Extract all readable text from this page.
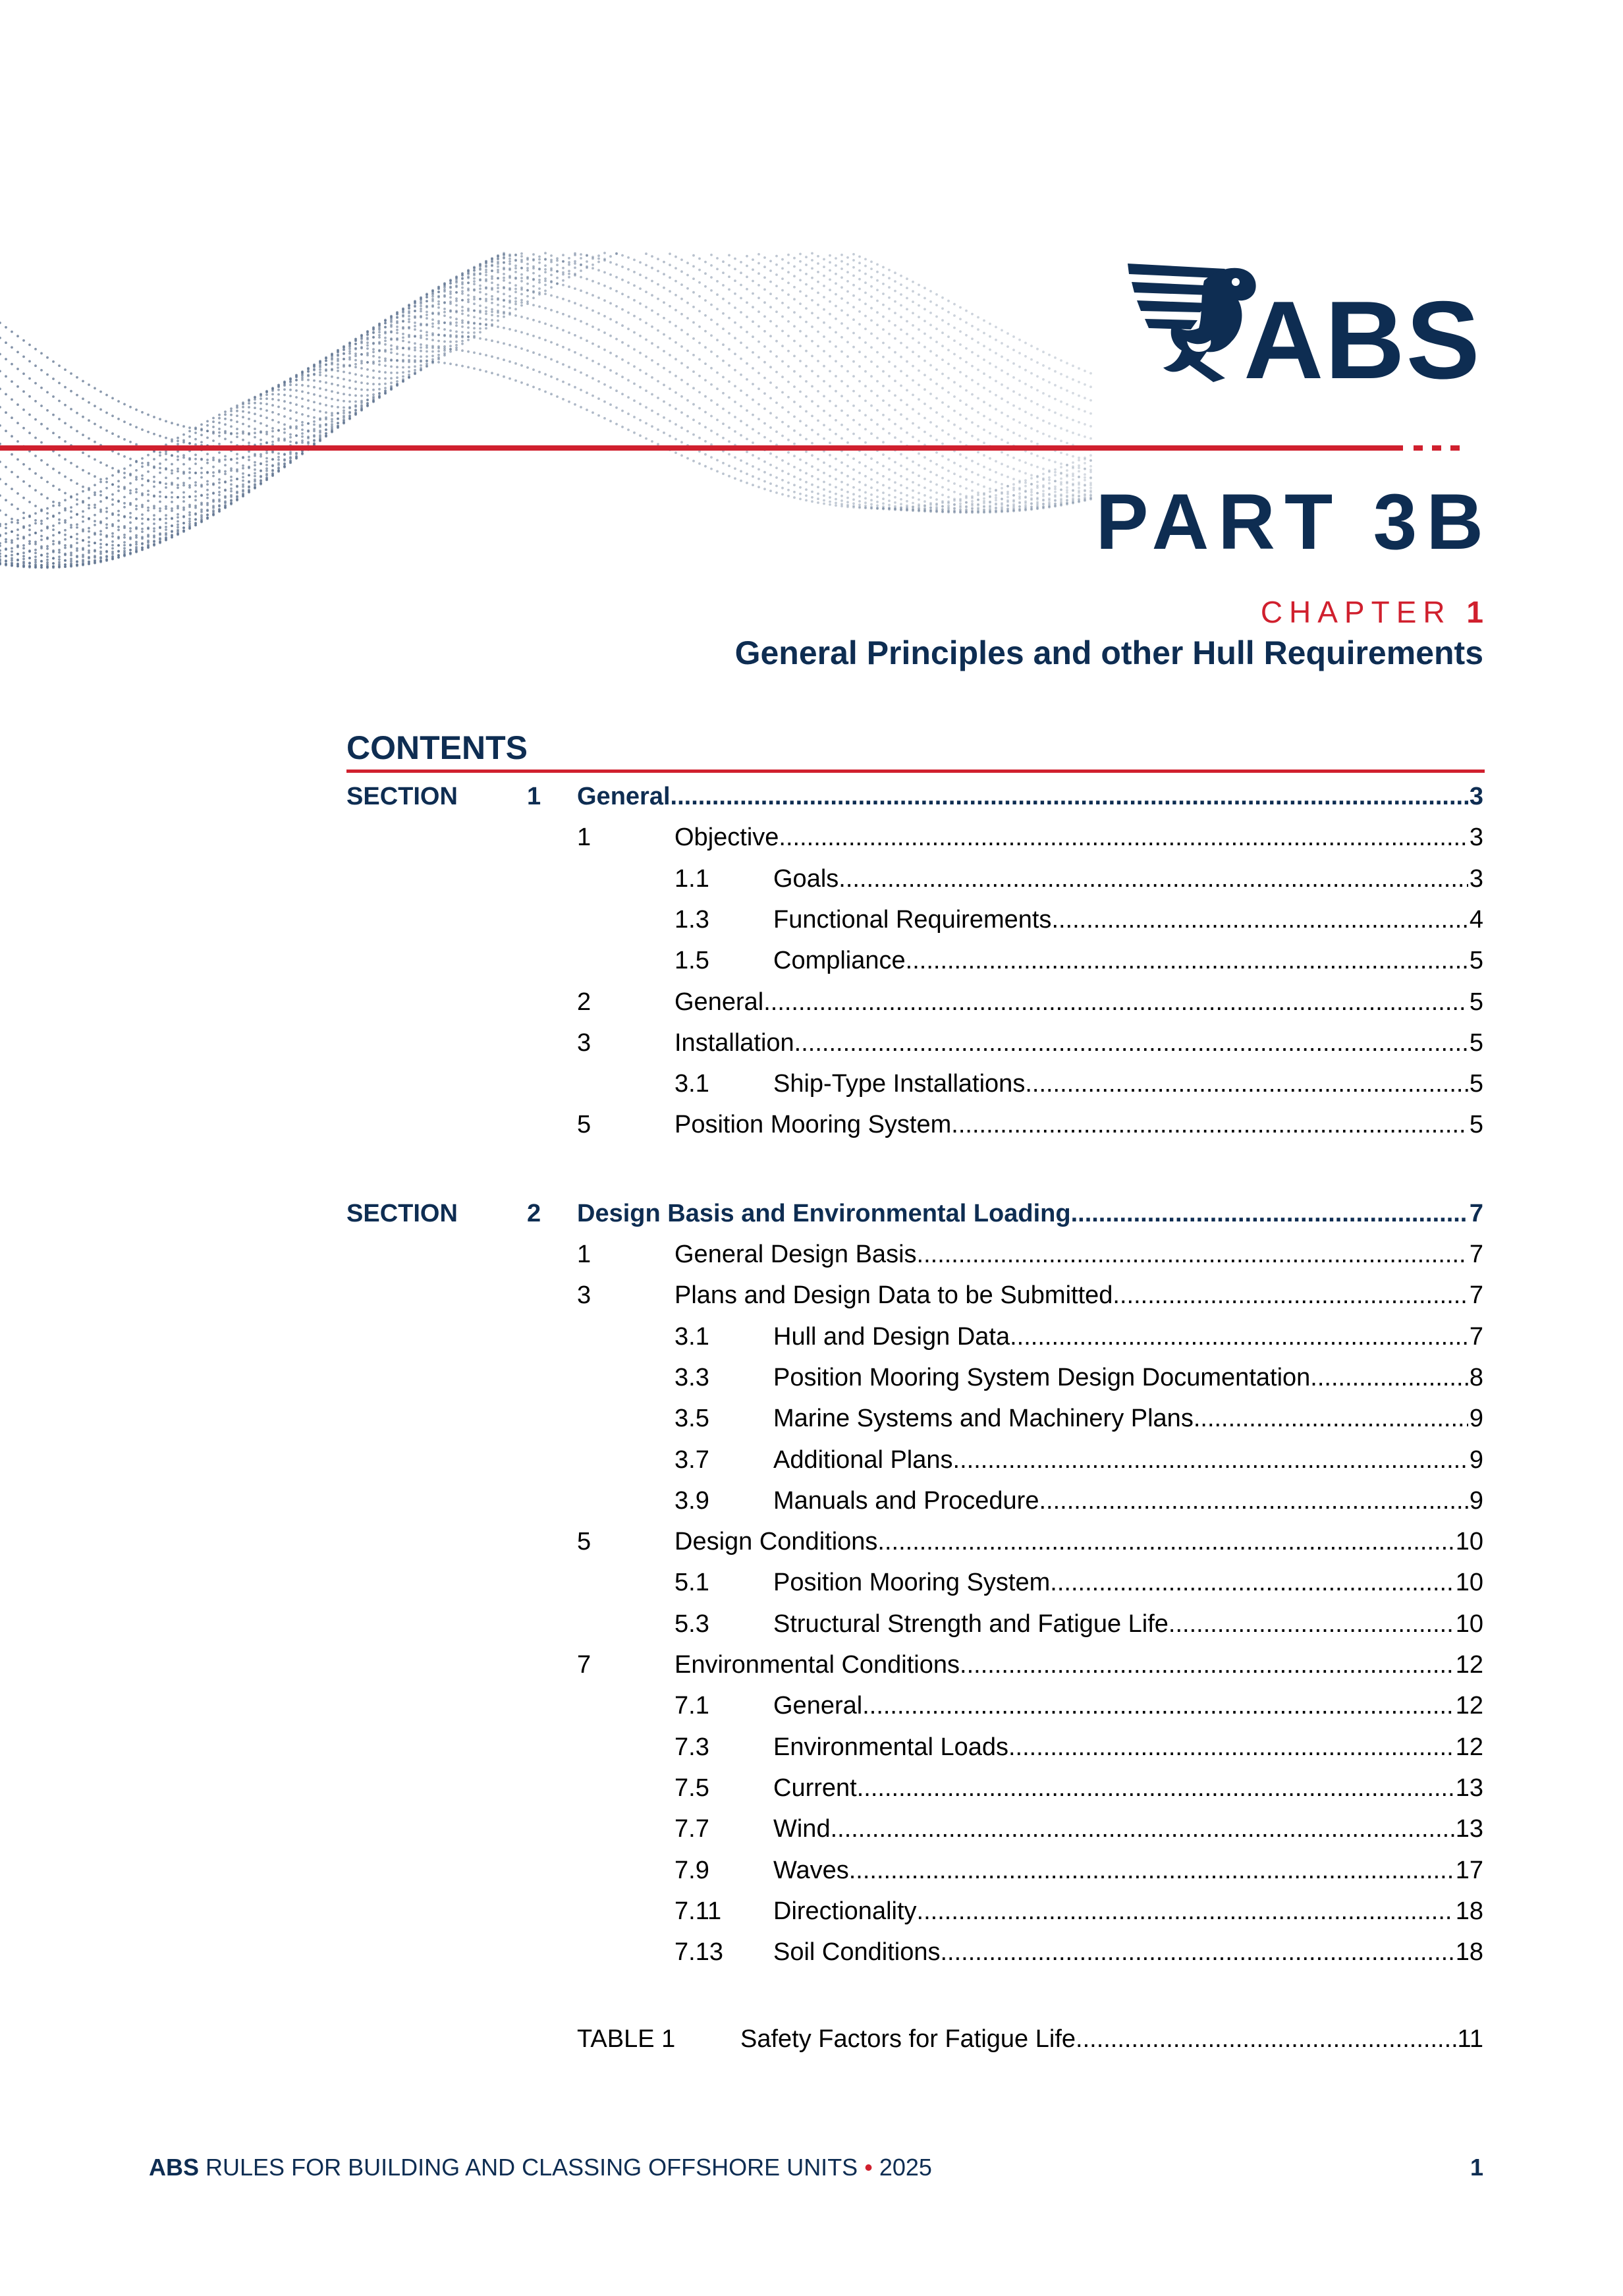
ABS
PART 3B
CHAPTER 1
General Principles and other Hull Requirements
CONTENTS
SECTION	1 General .....	3
1	Objective .....	3
1.1	Goals .....	3
1.3	Functional Requirements .....	4
1.5	Compliance .....	5
2	General .....	5
3	Installation .....	5
3.1	Ship-Type Installations .....	5
5	Position Mooring System .....	5
SECTION	2 Design Basis and Environmental Loading .....	7
1	General Design Basis .....	7
3	Plans and Design Data to be Submitted .....	7
3.1	Hull and Design Data .....	7
3.3	Position Mooring System Design Documentation .....	8
3.5	Marine Systems and Machinery Plans .....	9
3.7	Additional Plans .....	9
3.9	Manuals and Procedure .....	9
5	Design Conditions .....	10
5.1	Position Mooring System .....	10
5.3	Structural Strength and Fatigue Life .....	10
7	Environmental Conditions .....	12
7.1	General .....	12
7.3	Environmental Loads .....	12
7.5	Current .....	13
7.7	Wind .....	13
7.9	Waves .....	17
7.11 Directionality .....	18
7.13 Soil Conditions .....	18
TABLE 1	Safety Factors for Fatigue Life .....	11
ABS RULES FOR BUILDING AND CLASSING OFFSHORE UNITS • 2025	1
